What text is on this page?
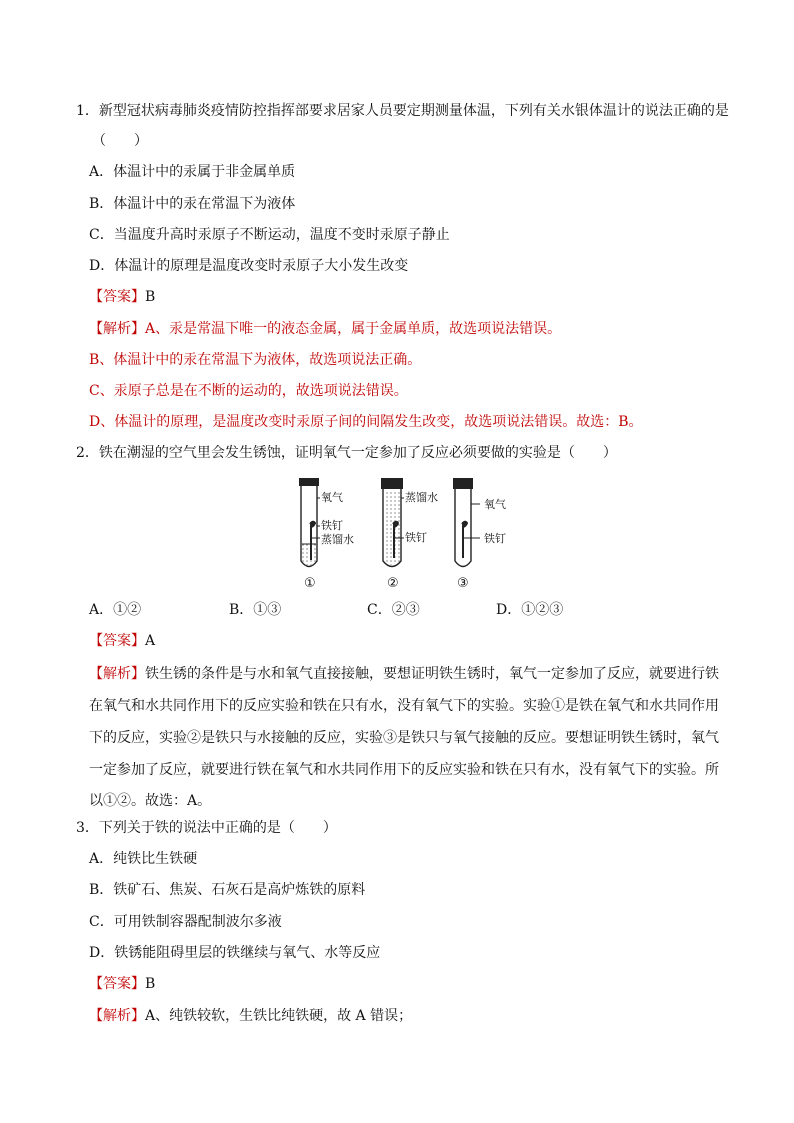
1．新型冠状病毒肺炎疫情防控指挥部要求居家人员要定期测量体温，下列有关水银体温计的说法正确的是
（　　）
A．体温计中的汞属于非金属单质
B．体温计中的汞在常温下为液体
C．当温度升高时汞原子不断运动，温度不变时汞原子静止
D．体温计的原理是温度改变时汞原子大小发生改变
【答案】B
【解析】A、汞是常温下唯一的液态金属，属于金属单质，故选项说法错误。
B、体温计中的汞在常温下为液体，故选项说法正确。
C、汞原子总是在不断的运动的，故选项说法错误。
D、体温计的原理，是温度改变时汞原子间的间隔发生改变，故选项说法错误。故选：B。
2．铁在潮湿的空气里会发生锈蚀，证明氧气一定参加了反应必须要做的实验是（　　）
氧气
铁钉
蒸馏水
①
蒸馏水
铁钉
②
氧气
铁钉
③
A．①②	B．①③	C．②③	D．①②③
【答案】A
【解析】铁生锈的条件是与水和氧气直接接触，要想证明铁生锈时，氧气一定参加了反应，就要进行铁
在氧气和水共同作用下的反应实验和铁在只有水，没有氧气下的实验。实验①是铁在氧气和水共同作用
下的反应，实验②是铁只与水接触的反应，实验③是铁只与氧气接触的反应。要想证明铁生锈时，氧气
一定参加了反应，就要进行铁在氧气和水共同作用下的反应实验和铁在只有水，没有氧气下的实验。所
以①②。故选：A。
3．下列关于铁的说法中正确的是（　　）
A．纯铁比生铁硬
B．铁矿石、焦炭、石灰石是高炉炼铁的原料
C．可用铁制容器配制波尔多液
D．铁锈能阻碍里层的铁继续与氧气、水等反应
【答案】B
【解析】A、纯铁较软，生铁比纯铁硬，故 A 错误；
